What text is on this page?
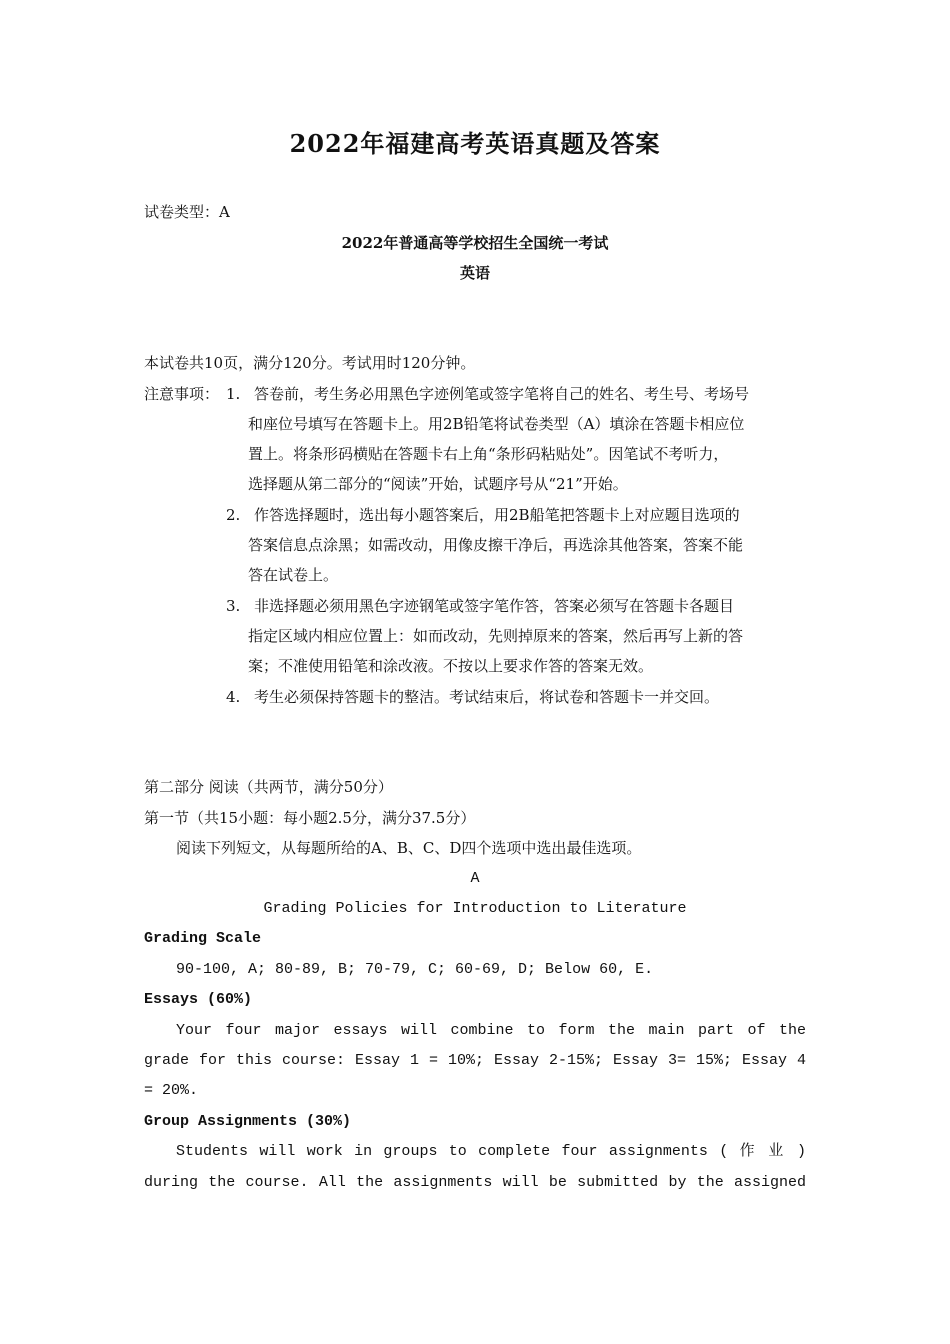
2022年福建高考英语真题及答案
试卷类型：A
2022年普通高等学校招生全国统一考试
英语
本试卷共10页，满分120分。考试用时120分钟。
注意事项： 1. 答卷前，考生务必用黑色字迹例笔或签字笔将自己的姓名、考生号、考场号
和座位号填写在答题卡上。用2B铅笔将试卷类型（A）填涂在答题卡相应位
置上。将条形码横贴在答题卡右上角“条形码粘贴处”。因笔试不考听力，
选择题从第二部分的“阅读”开始，试题序号从“21”开始。
2. 作答选择题时，选出每小题答案后，用2B船笔把答题卡上对应题目选项的
答案信息点涂黑；如需改动，用像皮擦干净后，再选涂其他答案，答案不能
答在试卷上。
3. 非选择题必须用黑色字迹钢笔或签字笔作答，答案必须写在答题卡各题目
指定区域内相应位置上：如而改动，先则掉原来的答案，然后再写上新的答
案；不准使用铅笔和涂改液。不按以上要求作答的答案无效。
4. 考生必须保持答题卡的整洁。考试结束后，将试卷和答题卡一并交回。
第二部分 阅读（共两节，满分50分）
第一节（共15小题：每小题2.5分，满分37.5分）
阅读下列短文，从每题所给的A、B、C、D四个选项中选出最佳选项。
A
Grading Policies for Introduction to Literature
Grading Scale
90-100, A; 80-89, B; 70-79, C; 60-69, D; Below 60, E.
Essays (60%)
Your four major essays will combine to form the main part of the
grade for this course: Essay 1 = 10%; Essay 2-15%; Essay 3= 15%; Essay 4
= 20%.
Group Assignments (30%)
Students will work in groups to complete four assignments ( 作 业 )
during the course. All the assignments will be submitted by the assigned
